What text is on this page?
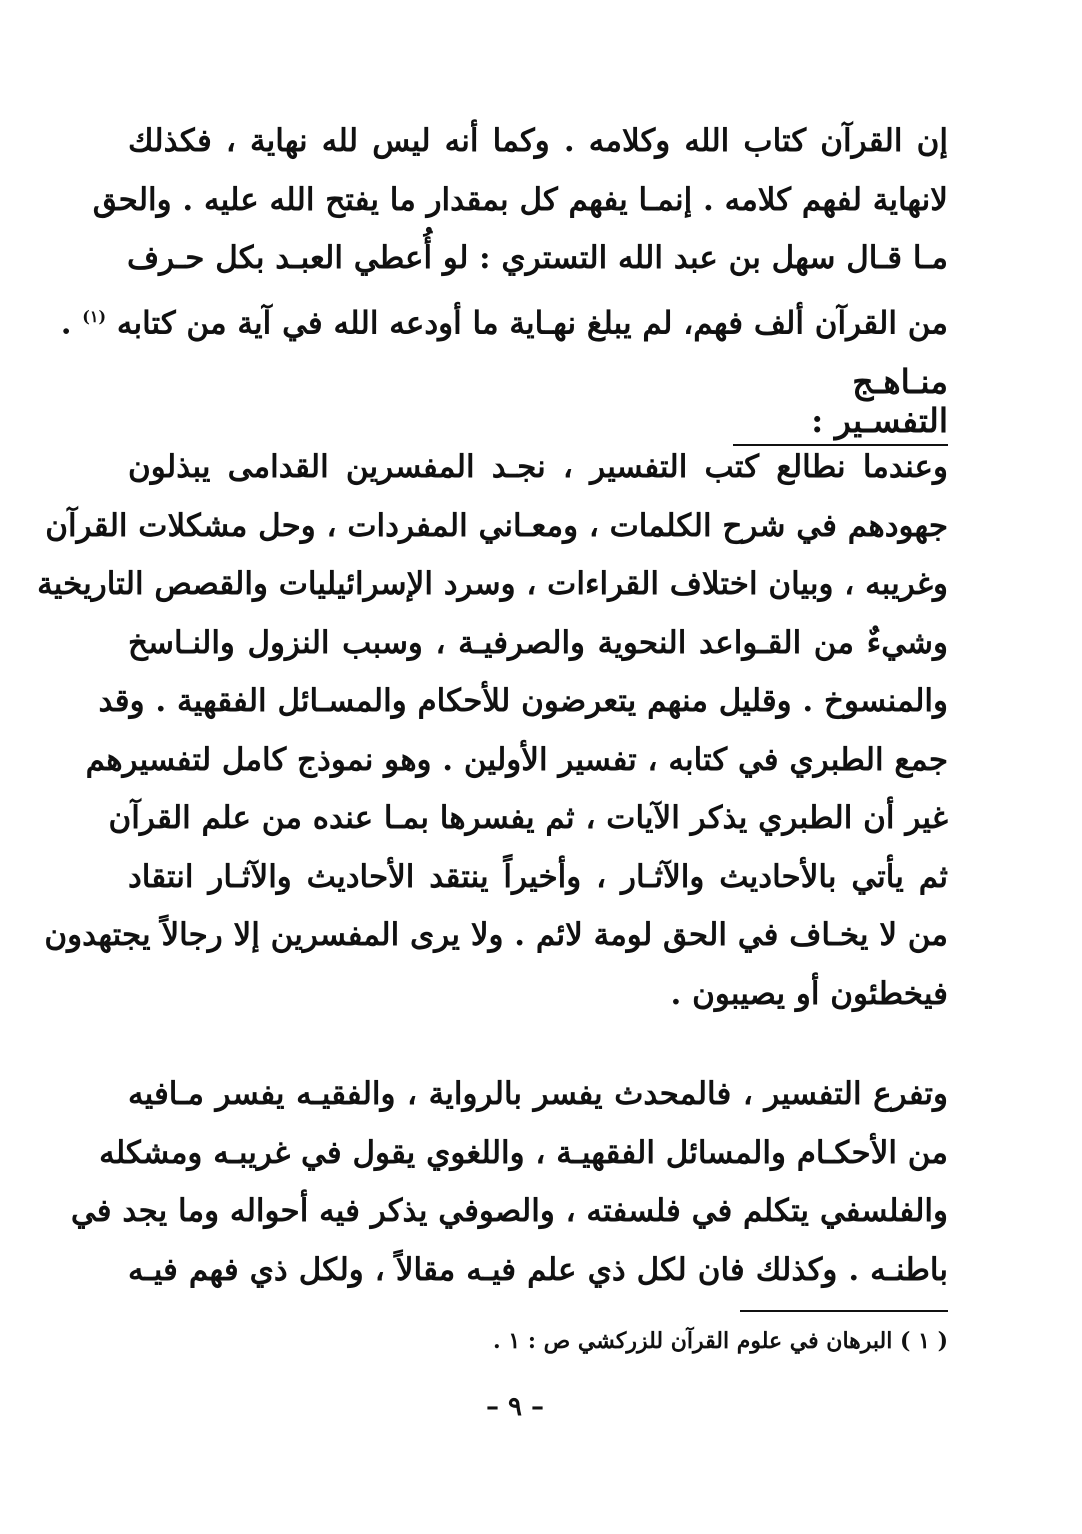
إن القرآن كتاب الله وكلامه . وكما أنه ليس لله نهاية ، فكذلك
لانهاية لفهم كلامه . إنمـا يفهم كل بمقدار ما يفتح الله عليه . والحق
مـا قـال سهل بن عبد الله التستري : لو أُعطي العبـد بكل حـرف
من القرآن ألف فهم، لم يبلغ نهـاية ما أودعه الله في آية من كتابه $^{(١)}$ .
منـاهـج التفسـير :
وعندما نطالع كتب التفسير ، نجـد المفسرين القدامى يبذلون
جهودهم في شرح الكلمات ، ومعـاني المفردات ، وحل مشكلات القرآن
وغريبه ، وبيان اختلاف القراءات ، وسرد الإسرائيليات والقصص التاريخية
وشيءٌ من القـواعد النحوية والصرفيـة ، وسبب النزول والنـاسخ
والمنسوخ . وقليل منهم يتعرضون للأحكام والمسـائل الفقهية . وقد
جمع الطبري في كتابه ، تفسير الأولين . وهو نموذج كامل لتفسيرهم
غير أن الطبري يذكر الآيات ، ثم يفسرها بمـا عنده من علم القرآن
ثم يأتي بالأحاديث والآثـار ، وأخيراً ينتقد الأحاديث والآثـار انتقاد
من لا يخـاف في الحق لومة لائم . ولا يرى المفسرين إلا رجالاً يجتهدون
فيخطئون أو يصيبون .
وتفرع التفسير ، فالمحدث يفسر بالرواية ، والفقيـه يفسر مـافيه
من الأحكـام والمسائل الفقهيـة ، واللغوي يقول في غريبـه ومشكله
والفلسفي يتكلم في فلسفته ، والصوفي يذكر فيه أحواله وما يجد في
باطنـه . وكذلك فان لكل ذي علم فيـه مقالاً ، ولكل ذي فهم فيـه
( ١ ) البرهان في علوم القرآن للزركشي ص : ١ .
– ٩ –
